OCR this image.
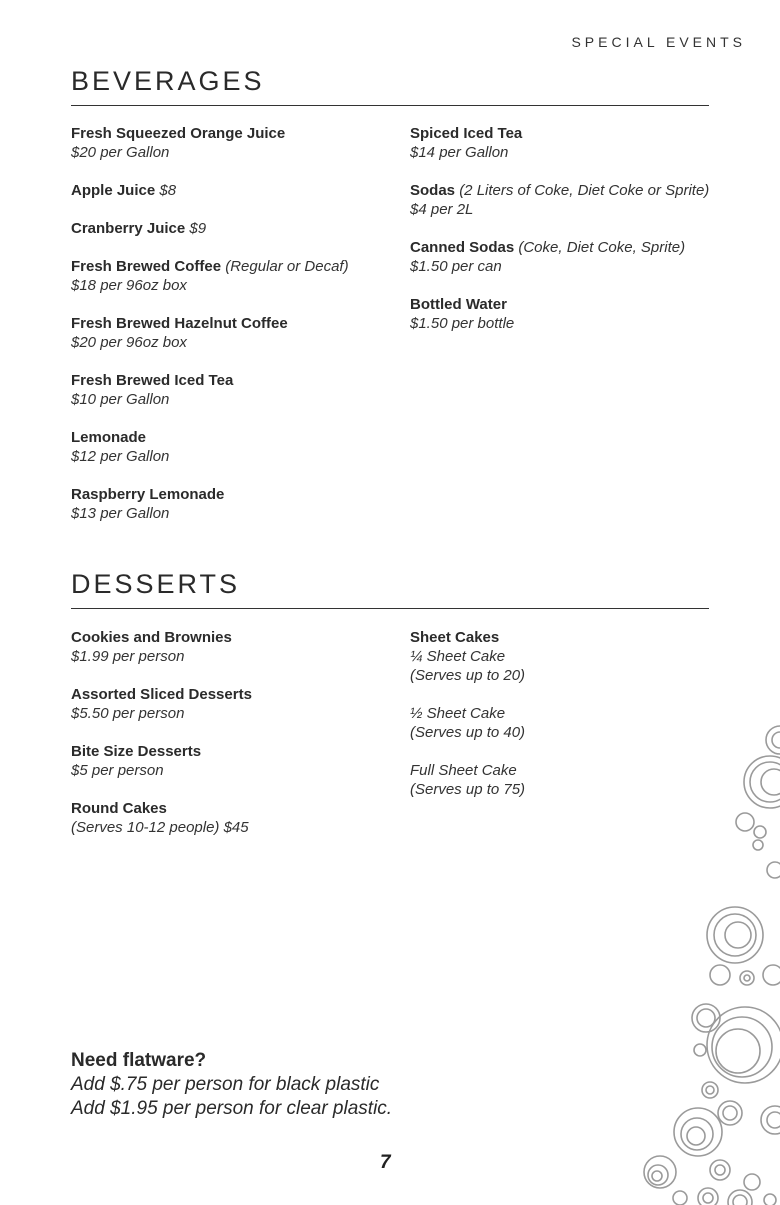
SPECIAL EVENTS
BEVERAGES
Fresh Squeezed Orange Juice
$20 per Gallon
Apple Juice $8
Cranberry Juice $9
Fresh Brewed Coffee (Regular or Decaf)
$18 per 96oz box
Fresh Brewed Hazelnut Coffee
$20 per 96oz box
Fresh Brewed Iced Tea
$10 per Gallon
Lemonade
$12 per Gallon
Raspberry Lemonade
$13 per Gallon
Spiced Iced Tea
$14 per Gallon
Sodas (2 Liters of Coke, Diet Coke or Sprite)
$4 per 2L
Canned Sodas (Coke, Diet Coke, Sprite)
$1.50 per can
Bottled Water
$1.50 per bottle
DESSERTS
Cookies and Brownies
$1.99 per person
Assorted Sliced Desserts
$5.50 per person
Bite Size Desserts
$5 per person
Round Cakes
(Serves 10-12 people) $45
Sheet Cakes
¼ Sheet Cake
(Serves up to 20)
½ Sheet Cake
(Serves up to 40)
Full Sheet Cake
(Serves up to 75)
Need flatware?
Add $.75 per person for black plastic
Add $1.95 per person for clear plastic.
7
